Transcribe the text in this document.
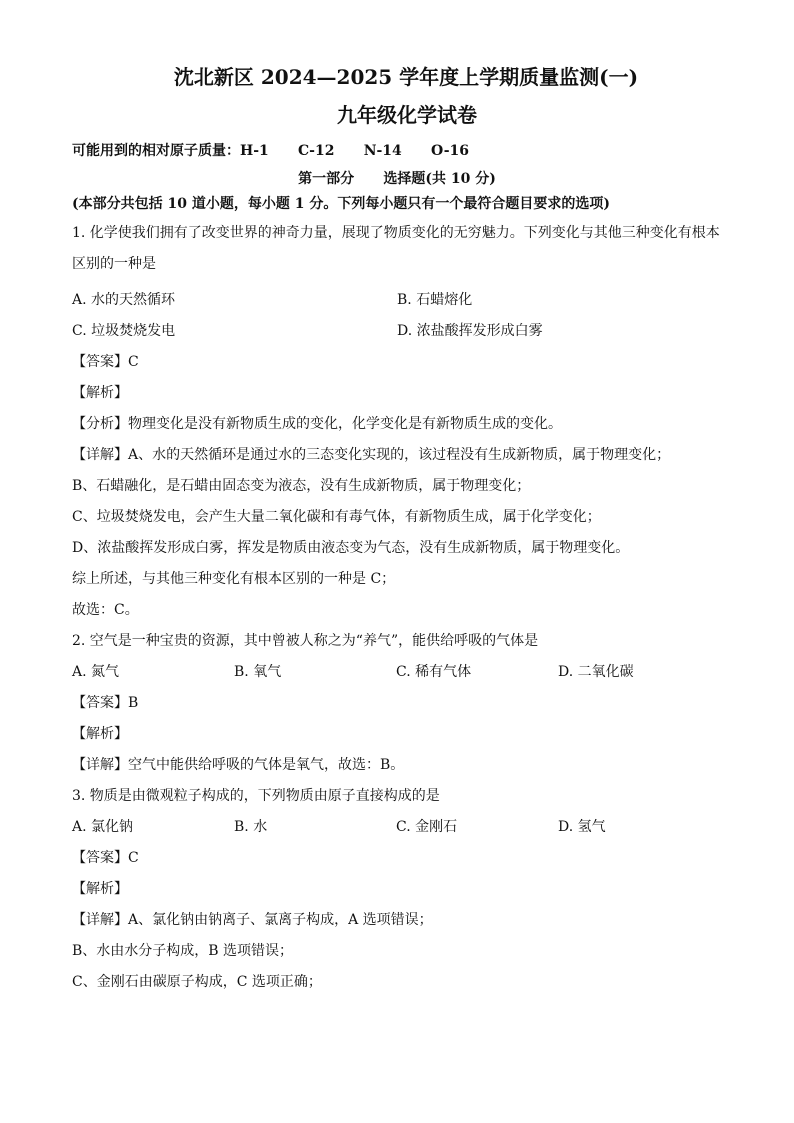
沈北新区 2024—2025 学年度上学期质量监测(一)
九年级化学试卷
可能用到的相对原子质量：H-1      C-12      N-14      O-16
第一部分      选择题(共 10 分)
(本部分共包括 10 道小题，每小题 1 分。下列每小题只有一个最符合题目要求的选项)
1. 化学使我们拥有了改变世界的神奇力量，展现了物质变化的无穷魅力。下列变化与其他三种变化有根本区别的一种是
A. 水的天然循环	B. 石蜡熔化
C. 垃圾焚烧发电	D. 浓盐酸挥发形成白雾
【答案】C
【解析】
【分析】物理变化是没有新物质生成的变化，化学变化是有新物质生成的变化。
【详解】A、水的天然循环是通过水的三态变化实现的，该过程没有生成新物质，属于物理变化；
B、石蜡融化，是石蜡由固态变为液态，没有生成新物质，属于物理变化；
C、垃圾焚烧发电，会产生大量二氧化碳和有毒气体，有新物质生成，属于化学变化；
D、浓盐酸挥发形成白雾，挥发是物质由液态变为气态，没有生成新物质，属于物理变化。
综上所述，与其他三种变化有根本区别的一种是 C；
故选：C。
2. 空气是一种宝贵的资源，其中曾被人称之为“养气”，能供给呼吸的气体是
A. 氮气	B. 氧气	C. 稀有气体	D. 二氧化碳
【答案】B
【解析】
【详解】空气中能供给呼吸的气体是氧气，故选：B。
3. 物质是由微观粒子构成的，下列物质由原子直接构成的是
A. 氯化钠	B. 水	C. 金刚石	D. 氢气
【答案】C
【解析】
【详解】A、氯化钠由钠离子、氯离子构成，A 选项错误；
B、水由水分子构成，B 选项错误；
C、金刚石由碳原子构成，C 选项正确；
